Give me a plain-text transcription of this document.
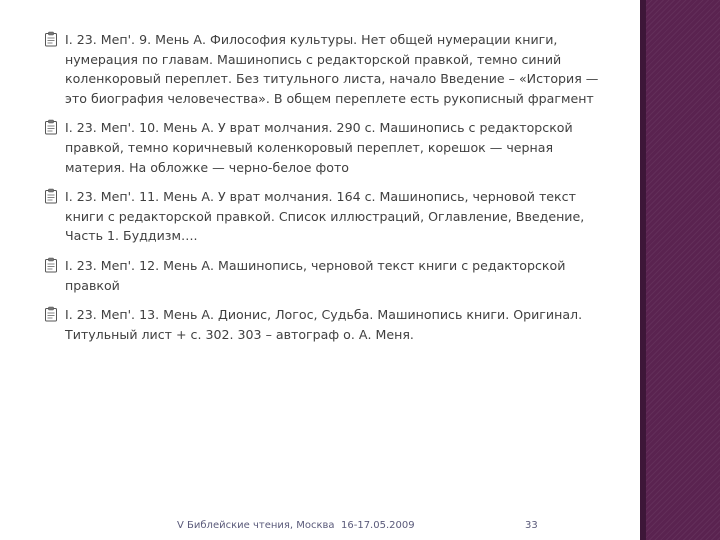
I. 23. Меп'. 9. Мень А. Философия культуры. Нет общей нумерации книги, нумерация по главам. Машинопись с редакторской правкой, темно синий коленкоровый переплет. Без титульного листа, начало Введение – «История — это биография человечества». В общем переплете есть рукописный фрагмент
I. 23. Меп'. 10. Мень А. У врат молчания. 290 с. Машинопись с редакторской правкой, темно коричневый коленкоровый переплет, корешок — черная материя. На обложке — черно-белое фото
I. 23. Меп'. 11. Мень А. У врат молчания. 164 с. Машинопись, черновой текст книги с редакторской правкой. Список иллюстраций, Оглавление, Введение, Часть 1. Буддизм….
I. 23. Меп'. 12. Мень А. Машинопись, черновой текст книги с редакторской правкой
I. 23. Меп'. 13. Мень А. Дионис, Логос, Судьба. Машинопись книги. Оригинал. Титульный лист + с. 302. 303 – автограф о. А. Меня.
V Библейские чтения, Москва 16-17.05.2009	33
